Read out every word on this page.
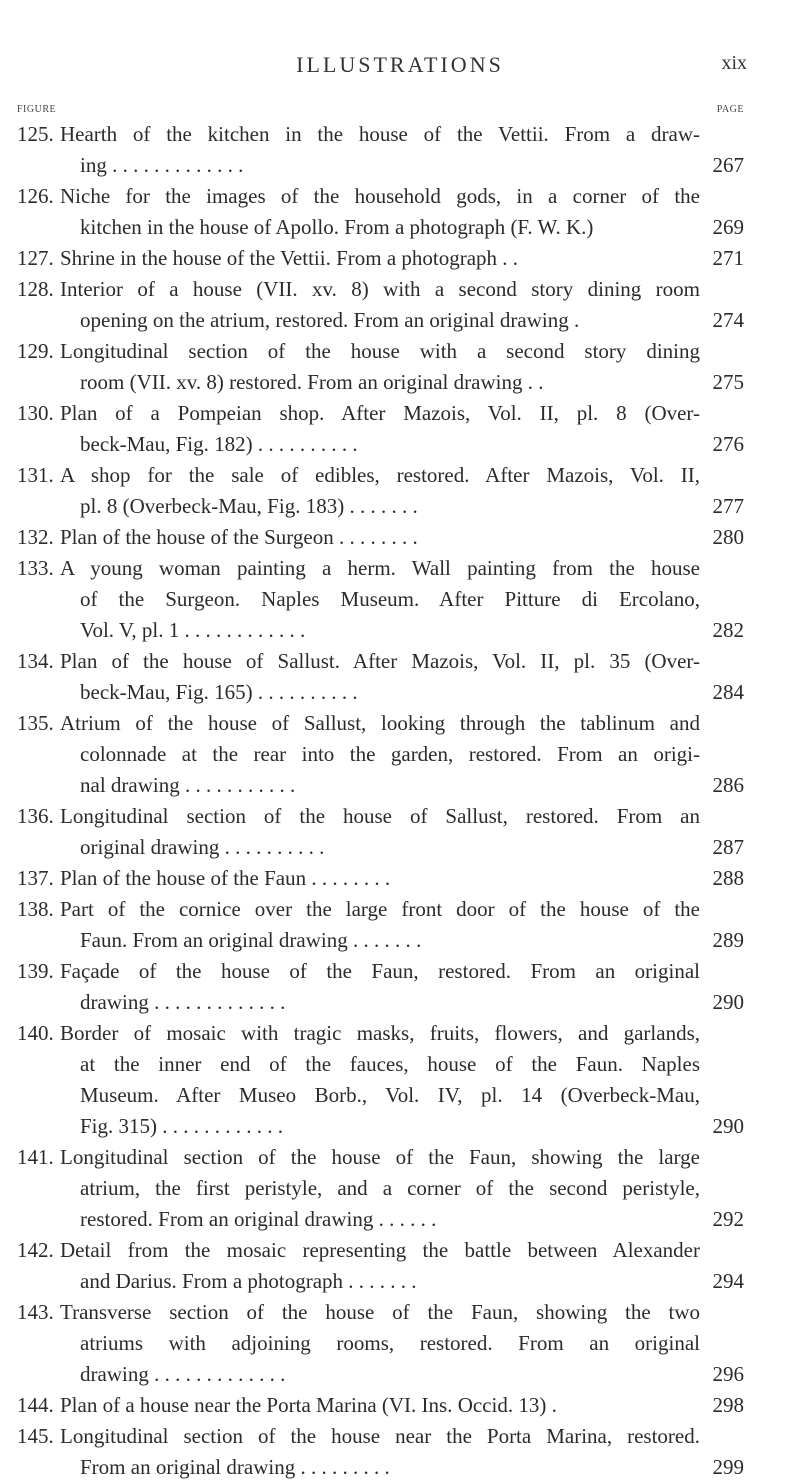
ILLUSTRATIONS	xix
FIGURE	PAGE
125. Hearth of the kitchen in the house of the Vettii. From a draw-
ing . . . . . . . . . . . . .	267
126. Niche for the images of the household gods, in a corner of the
kitchen in the house of Apollo. From a photograph (F. W. K.)	269
127. Shrine in the house of the Vettii. From a photograph . .	271
128. Interior of a house (VII. xv. 8) with a second story dining room
opening on the atrium, restored. From an original drawing .	274
129. Longitudinal section of the house with a second story dining
room (VII. xv. 8) restored. From an original drawing . .	275
130. Plan of a Pompeian shop. After Mazois, Vol. II, pl. 8 (Over-
beck-Mau, Fig. 182) . . . . . . . . . .	276
131. A shop for the sale of edibles, restored. After Mazois, Vol. II,
pl. 8 (Overbeck-Mau, Fig. 183) . . . . . . .	277
132. Plan of the house of the Surgeon . . . . . . . .	280
133. A young woman painting a herm. Wall painting from the house
of the Surgeon. Naples Museum. After Pitture di Ercolano,
Vol. V, pl. 1 . . . . . . . . . . . .	282
134. Plan of the house of Sallust. After Mazois, Vol. II, pl. 35 (Over-
beck-Mau, Fig. 165) . . . . . . . . . .	284
135. Atrium of the house of Sallust, looking through the tablinum and
colonnade at the rear into the garden, restored. From an origi-
nal drawing . . . . . . . . . . .	286
136. Longitudinal section of the house of Sallust, restored. From an
original drawing . . . . . . . . . .	287
137. Plan of the house of the Faun . . . . . . . .	288
138. Part of the cornice over the large front door of the house of the
Faun. From an original drawing . . . . . . .	289
139. Façade of the house of the Faun, restored. From an original
drawing . . . . . . . . . . . . .	290
140. Border of mosaic with tragic masks, fruits, flowers, and garlands,
at the inner end of the fauces, house of the Faun. Naples
Museum. After Museo Borb., Vol. IV, pl. 14 (Overbeck-Mau,
Fig. 315) . . . . . . . . . . . .	290
141. Longitudinal section of the house of the Faun, showing the large
atrium, the first peristyle, and a corner of the second peristyle,
restored. From an original drawing . . . . . .	292
142. Detail from the mosaic representing the battle between Alexander
and Darius. From a photograph . . . . . . .	294
143. Transverse section of the house of the Faun, showing the two
atriums with adjoining rooms, restored. From an original
drawing . . . . . . . . . . . . .	296
144. Plan of a house near the Porta Marina (VI. Ins. Occid. 13) .	298
145. Longitudinal section of the house near the Porta Marina, restored.
From an original drawing . . . . . . . . .	299
